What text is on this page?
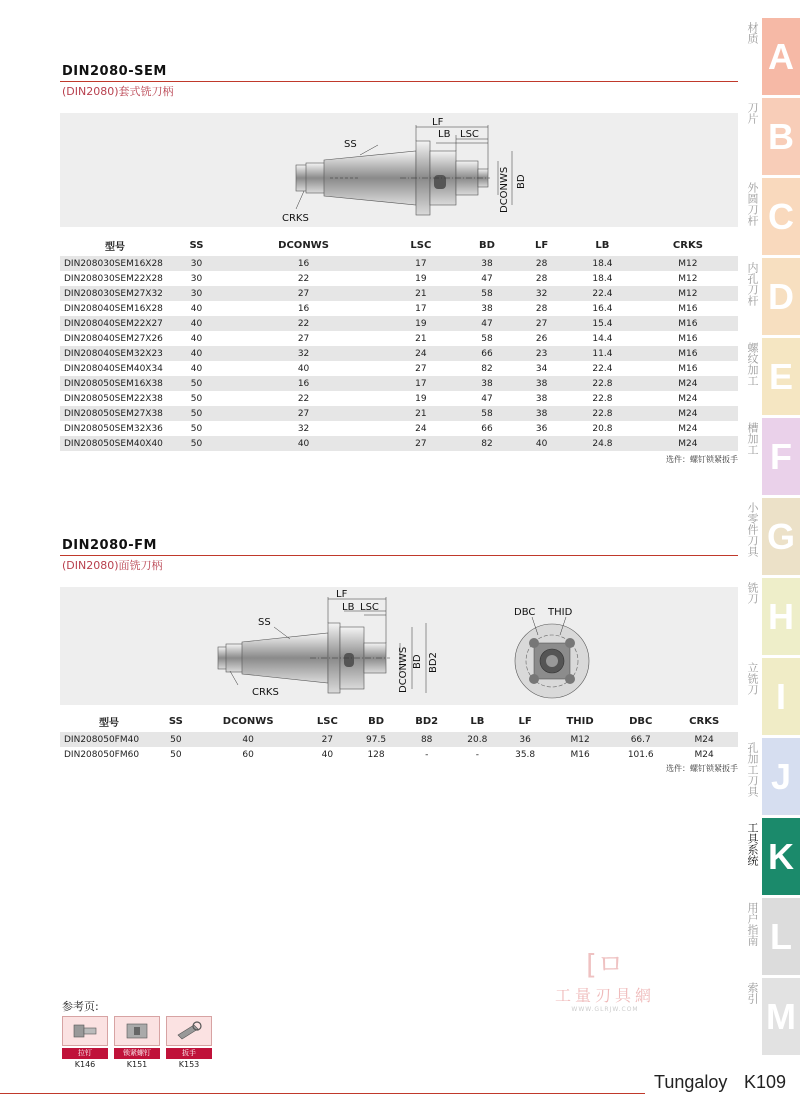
DIN2080-SEM
(DIN2080)套式铣刀柄
LF
LB LSC
DCONWS BD
SS
CRKS
型号	SS	DCONWS	LSC	BD	LF	LB	CRKS
DIN208030SEM16X28	30	16	17	38	28	18.4	M12
DIN208030SEM22X28	30	22	19	47	28	18.4	M12
DIN208030SEM27X32	30	27	21	58	32	22.4	M12
DIN208040SEM16X28	40	16	17	38	28	16.4	M16
DIN208040SEM22X27	40	22	19	47	27	15.4	M16
DIN208040SEM27X26	40	27	21	58	26	14.4	M16
DIN208040SEM32X23	40	32	24	66	23	11.4	M16
DIN208040SEM40X34	40	40	27	82	34	22.4	M16
DIN208050SEM16X38	50	16	17	38	38	22.8	M24
DIN208050SEM22X38	50	22	19	47	38	22.8	M24
DIN208050SEM27X38	50	27	21	58	38	22.8	M24
DIN208050SEM32X36	50	32	24	66	36	20.8	M24
DIN208050SEM40X40	50	40	27	82	40	24.8	M24
选件：螺钉锁紧扳手
DIN2080-FM
(DIN2080)面铣刀柄
LF
LB LSC
DCONWS BD BD2
SS
CRKS
DBC THID
型号	SS	DCONWS	LSC	BD	BD2	LB	LF	THID	DBC	CRKS
DIN208050FM40	50	40	27	97.5	88	20.8	36	M12	66.7	M24
DIN208050FM60	50	60	40	128	-	-	35.8	M16	101.6	M24
选件：螺钉锁紧扳手
材质
A
刀片
B
外圆刀杆 C
内孔刀杆 D
螺纹加工 E
槽加工 F
小零件刀具 G
铣刀
H
立铣刀 I
孔加工刀具 J
工具系统 K
用户指南 L
索引
M
[ㅁ
工量刃具網
WWW.GLRJW.COM
参考页:
拉钉
K146
锁紧螺钉
K151
扳手
K153
Tungaloy K109
